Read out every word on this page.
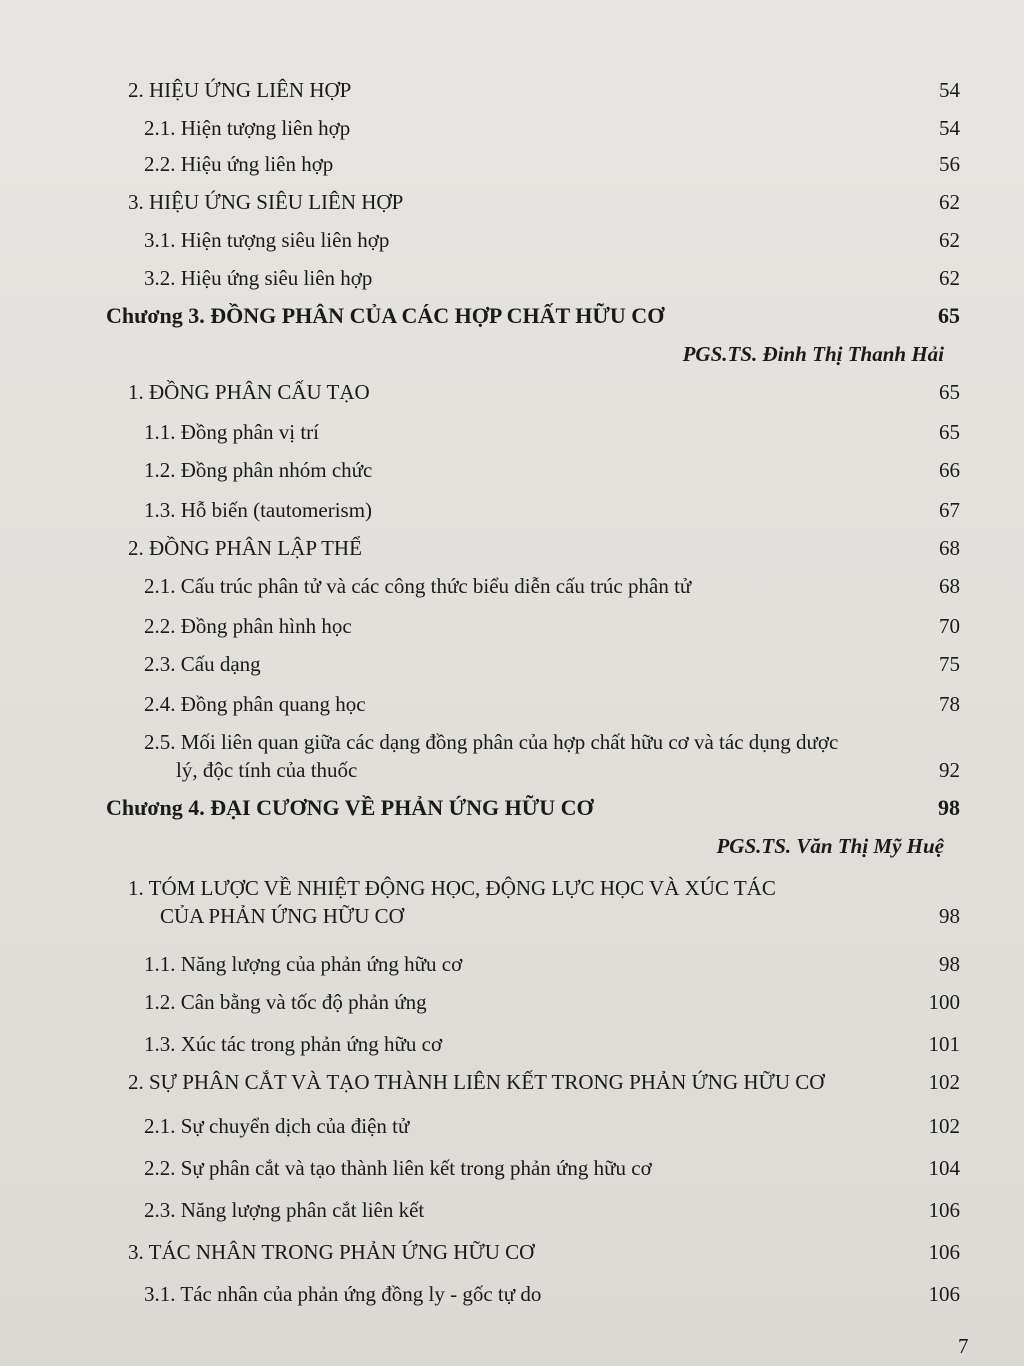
2. HIỆU ỨNG LIÊN HỢP	54
2.1. Hiện tượng liên hợp	54
2.2. Hiệu ứng liên hợp	56
3. HIỆU ỨNG SIÊU LIÊN HỢP	62
3.1. Hiện tượng siêu liên hợp	62
3.2. Hiệu ứng siêu liên hợp	62
Chương 3. ĐỒNG PHÂN CỦA CÁC HỢP CHẤT HỮU CƠ	65
PGS.TS. Đinh Thị Thanh Hải
1. ĐỒNG PHÂN CẤU TẠO	65
1.1. Đồng phân vị trí	65
1.2. Đồng phân nhóm chức	66
1.3. Hỗ biến (tautomerism)	67
2. ĐỒNG PHÂN LẬP THỂ	68
2.1. Cấu trúc phân tử và các công thức biểu diễn cấu trúc phân tử	68
2.2. Đồng phân hình học	70
2.3. Cấu dạng	75
2.4. Đồng phân quang học	78
2.5. Mối liên quan giữa các dạng đồng phân của hợp chất hữu cơ và tác dụng dược
lý, độc tính của thuốc	92
Chương 4. ĐẠI CƯƠNG VỀ PHẢN ỨNG HỮU CƠ	98
PGS.TS. Văn Thị Mỹ Huệ
1. TÓM LƯỢC VỀ NHIỆT ĐỘNG HỌC, ĐỘNG LỰC HỌC VÀ XÚC TÁC
CỦA PHẢN ỨNG HỮU CƠ	98
1.1. Năng lượng của phản ứng hữu cơ	98
1.2. Cân bằng và tốc độ phản ứng	100
1.3. Xúc tác trong phản ứng hữu cơ	101
2. SỰ PHÂN CẮT VÀ TẠO THÀNH LIÊN KẾT TRONG PHẢN ỨNG HỮU CƠ	102
2.1. Sự chuyển dịch của điện tử	102
2.2. Sự phân cắt và tạo thành liên kết trong phản ứng hữu cơ	104
2.3. Năng lượng phân cắt liên kết	106
3. TÁC NHÂN TRONG PHẢN ỨNG HỮU CƠ	106
3.1. Tác nhân của phản ứng đồng ly - gốc tự do	106
7
